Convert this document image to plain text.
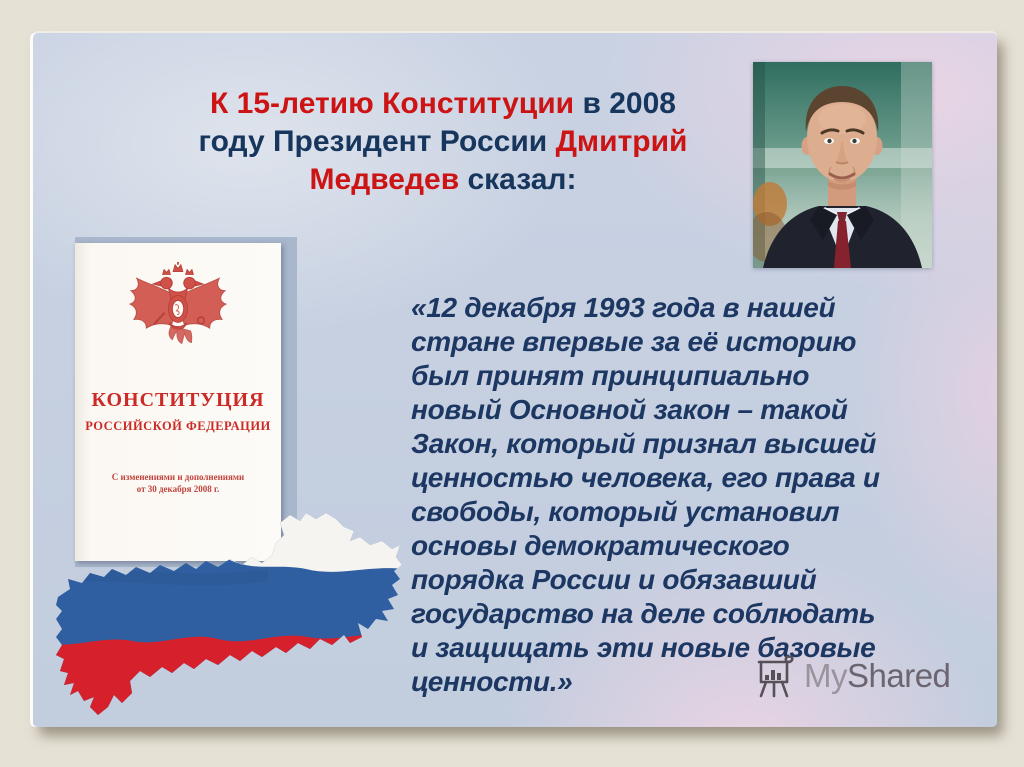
К 15-летию Конституции в 2008
году Президент России Дмитрий
Медведев сказал:
«12 декабря 1993 года в нашей
стране впервые за её историю
был принят принципиально
новый Основной закон – такой
Закон, который признал высшей
ценностью человека, его права и
свободы, который установил
основы демократического
порядка России и обязавший
государство на деле соблюдать
и защищать эти новые базовые
ценности.»
КОНСТИТУЦИЯ
РОССИЙСКОЙ ФЕДЕРАЦИИ
С изменениями и дополнениями
от 30 декабря 2008 г.
MyShared
